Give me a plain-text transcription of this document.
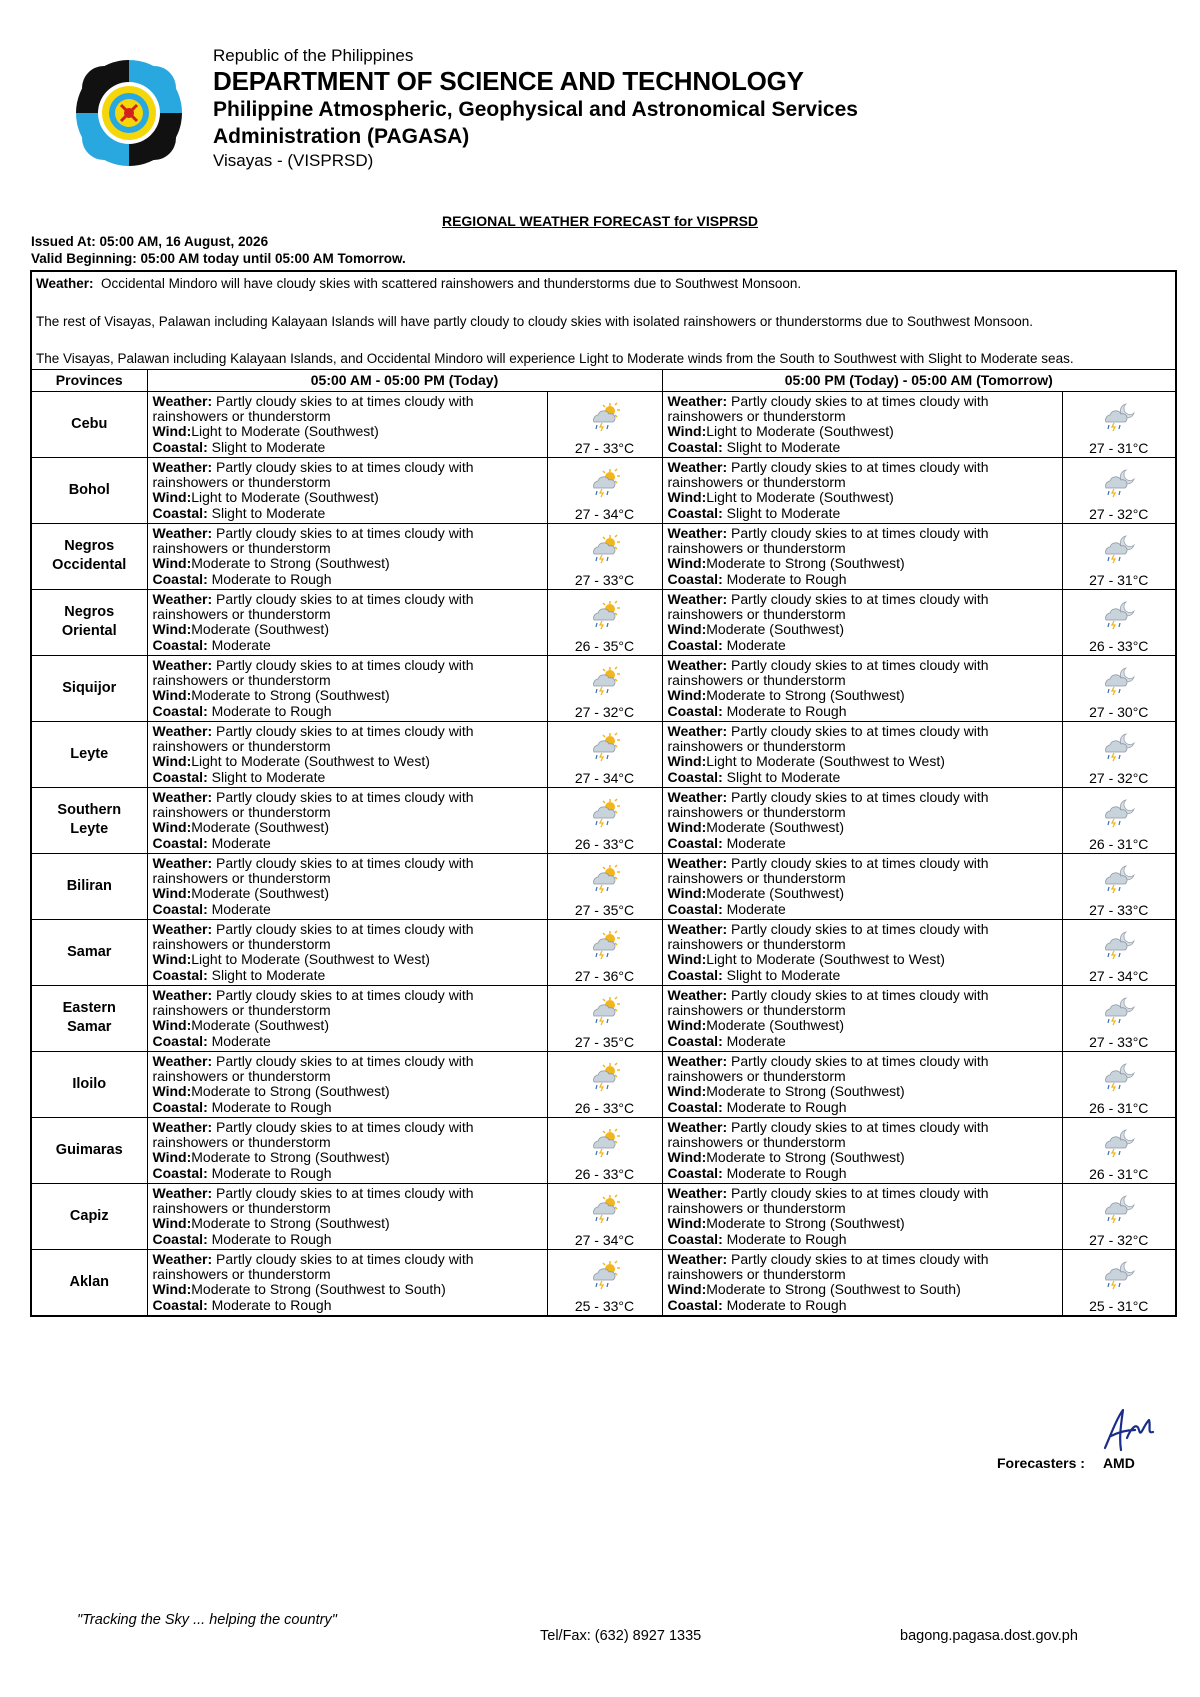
Republic of the Philippines
DEPARTMENT OF SCIENCE AND TECHNOLOGY
Philippine Atmospheric, Geophysical and Astronomical Services
Administration (PAGASA)
Visayas - (VISPRSD)
REGIONAL WEATHER FORECAST for VISPRSD
Issued At: 05:00 AM, 16 August, 2026
Valid Beginning: 05:00 AM today until 05:00 AM Tomorrow.

Weather: Occidental Mindoro will have cloudy skies with scattered rainshowers and thunderstorms due to Southwest Monsoon.

The rest of Visayas, Palawan including Kalayaan Islands will have partly cloudy to cloudy skies with isolated rainshowers or thunderstorms due to Southwest Monsoon.

The Visayas, Palawan including Kalayaan Islands, and Occidental Mindoro will experience Light to Moderate winds from the South to Southwest with Slight to Moderate seas.

Provinces	05:00 AM - 05:00 PM (Today)		05:00 PM (Today) - 05:00 AM (Tomorrow)	
Cebu	Weather: Partly cloudy skies to at times cloudy with rainshowers or thunderstorm
Wind:Light to Moderate (Southwest)
Coastal: Slight to Moderate	27 - 33°C	Weather: Partly cloudy skies to at times cloudy with rainshowers or thunderstorm
Wind:Light to Moderate (Southwest)
Coastal: Slight to Moderate	27 - 31°C
Bohol	Weather: Partly cloudy skies to at times cloudy with rainshowers or thunderstorm
Wind:Light to Moderate (Southwest)
Coastal: Slight to Moderate	27 - 34°C	Weather: Partly cloudy skies to at times cloudy with rainshowers or thunderstorm
Wind:Light to Moderate (Southwest)
Coastal: Slight to Moderate	27 - 32°C
Negros Occidental	Weather: Partly cloudy skies to at times cloudy with rainshowers or thunderstorm
Wind:Moderate to Strong (Southwest)
Coastal: Moderate to Rough	27 - 33°C	Weather: Partly cloudy skies to at times cloudy with rainshowers or thunderstorm
Wind:Moderate to Strong (Southwest)
Coastal: Moderate to Rough	27 - 31°C
Negros Oriental	Weather: Partly cloudy skies to at times cloudy with rainshowers or thunderstorm
Wind:Moderate (Southwest)
Coastal: Moderate	26 - 35°C	Weather: Partly cloudy skies to at times cloudy with rainshowers or thunderstorm
Wind:Moderate (Southwest)
Coastal: Moderate	26 - 33°C
Siquijor	Weather: Partly cloudy skies to at times cloudy with rainshowers or thunderstorm
Wind:Moderate to Strong (Southwest)
Coastal: Moderate to Rough	27 - 32°C	Weather: Partly cloudy skies to at times cloudy with rainshowers or thunderstorm
Wind:Moderate to Strong (Southwest)
Coastal: Moderate to Rough	27 - 30°C
Leyte	Weather: Partly cloudy skies to at times cloudy with rainshowers or thunderstorm
Wind:Light to Moderate (Southwest to West)
Coastal: Slight to Moderate	27 - 34°C	Weather: Partly cloudy skies to at times cloudy with rainshowers or thunderstorm
Wind:Light to Moderate (Southwest to West)
Coastal: Slight to Moderate	27 - 32°C
Southern Leyte	Weather: Partly cloudy skies to at times cloudy with rainshowers or thunderstorm
Wind:Moderate (Southwest)
Coastal: Moderate	26 - 33°C	Weather: Partly cloudy skies to at times cloudy with rainshowers or thunderstorm
Wind:Moderate (Southwest)
Coastal: Moderate	26 - 31°C
Biliran	Weather: Partly cloudy skies to at times cloudy with rainshowers or thunderstorm
Wind:Moderate (Southwest)
Coastal: Moderate	27 - 35°C	Weather: Partly cloudy skies to at times cloudy with rainshowers or thunderstorm
Wind:Moderate (Southwest)
Coastal: Moderate	27 - 33°C
Samar	Weather: Partly cloudy skies to at times cloudy with rainshowers or thunderstorm
Wind:Light to Moderate (Southwest to West)
Coastal: Slight to Moderate	27 - 36°C	Weather: Partly cloudy skies to at times cloudy with rainshowers or thunderstorm
Wind:Light to Moderate (Southwest to West)
Coastal: Slight to Moderate	27 - 34°C
Eastern Samar	Weather: Partly cloudy skies to at times cloudy with rainshowers or thunderstorm
Wind:Moderate (Southwest)
Coastal: Moderate	27 - 35°C	Weather: Partly cloudy skies to at times cloudy with rainshowers or thunderstorm
Wind:Moderate (Southwest)
Coastal: Moderate	27 - 33°C
Iloilo	Weather: Partly cloudy skies to at times cloudy with rainshowers or thunderstorm
Wind:Moderate to Strong (Southwest)
Coastal: Moderate to Rough	26 - 33°C	Weather: Partly cloudy skies to at times cloudy with rainshowers or thunderstorm
Wind:Moderate to Strong (Southwest)
Coastal: Moderate to Rough	26 - 31°C
Guimaras	Weather: Partly cloudy skies to at times cloudy with rainshowers or thunderstorm
Wind:Moderate to Strong (Southwest)
Coastal: Moderate to Rough	26 - 33°C	Weather: Partly cloudy skies to at times cloudy with rainshowers or thunderstorm
Wind:Moderate to Strong (Southwest)
Coastal: Moderate to Rough	26 - 31°C
Capiz	Weather: Partly cloudy skies to at times cloudy with rainshowers or thunderstorm
Wind:Moderate to Strong (Southwest)
Coastal: Moderate to Rough	27 - 34°C	Weather: Partly cloudy skies to at times cloudy with rainshowers or thunderstorm
Wind:Moderate to Strong (Southwest)
Coastal: Moderate to Rough	27 - 32°C
Aklan	Weather: Partly cloudy skies to at times cloudy with rainshowers or thunderstorm
Wind:Moderate to Strong (Southwest to South)
Coastal: Moderate to Rough	25 - 33°C	Weather: Partly cloudy skies to at times cloudy with rainshowers or thunderstorm
Wind:Moderate to Strong (Southwest to South)
Coastal: Moderate to Rough	25 - 31°C
Forecasters : AMD
"Tracking the Sky ... helping the country"
Tel/Fax: (632) 8927 1335	bagong.pagasa.dost.gov.ph
